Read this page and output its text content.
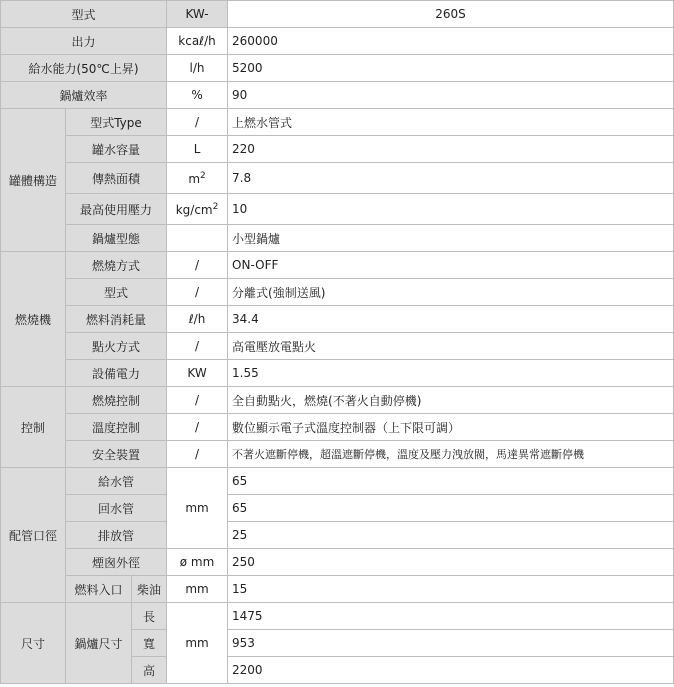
型式			KW-	260S
出力			kcaℓ/h	260000
給水能力(50℃上昇)			l/h	5200
鍋爐效率			%	90
罐體構造	型式Type		/	上燃水管式
	罐水容量		L	220
	傳熱面積		$m^2$	7.8
	最高使用壓力		$kg/cm^2$	10
	鍋爐型態			小型鍋爐
燃燒機	燃燒方式		/	ON-OFF
	型式		/	分離式(強制送風)
	燃料消耗量		ℓ/h	34.4
	點火方式		/	高電壓放電點火
	設備電力		KW	1.55
控制	燃燒控制		/	全自動點火，燃燒(不著火自動停機)
	溫度控制		/	數位顯示電子式溫度控制器（上下限可調）
	安全裝置		/	不著火遮斷停機，超溫遮斷停機，溫度及壓力洩放閥，馬達異常遮斷停機
配管口徑	給水管		mm	65
	回水管			65
	排放管			25
	煙囪外徑		ø mm	250
	燃料入口	柴油	mm	15
尺寸	鍋爐尺寸	長	mm	1475
		寬		953
		高		2200
